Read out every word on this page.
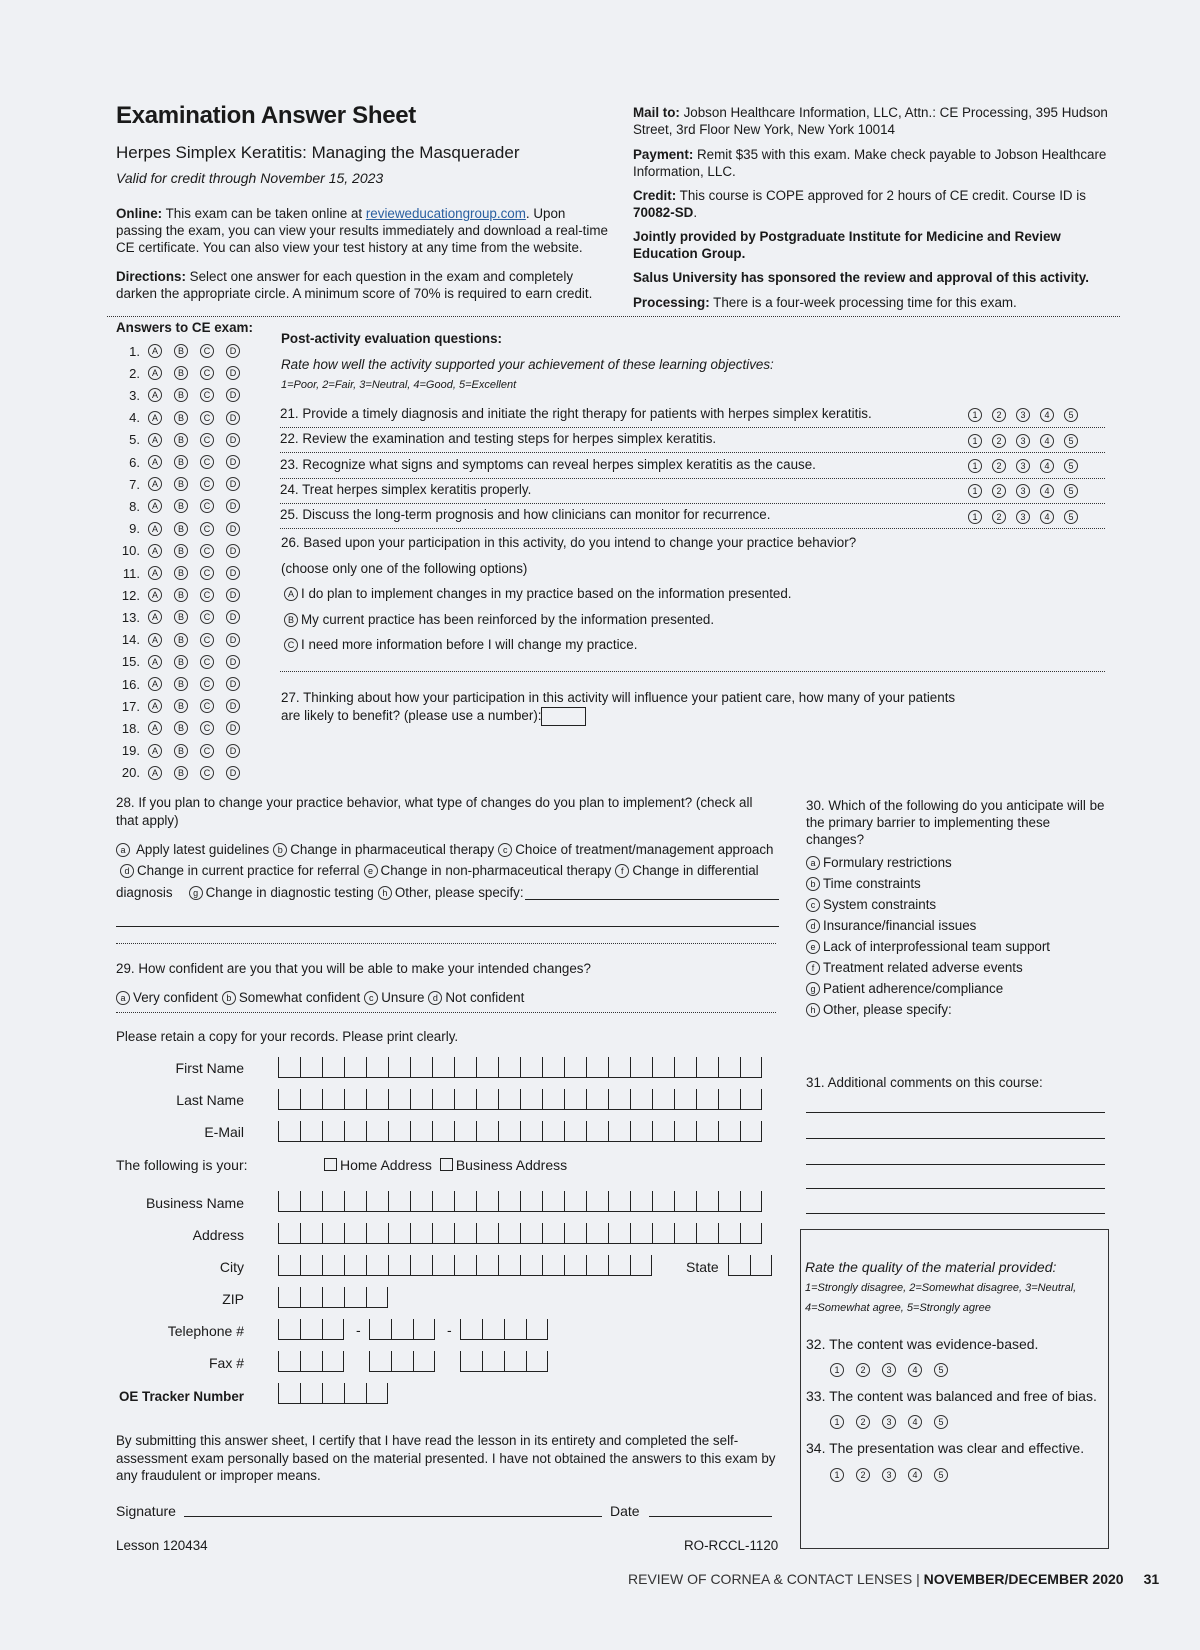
Examination Answer Sheet
Herpes Simplex Keratitis: Managing the Masquerader
Valid for credit through November 15, 2023
Online: This exam can be taken online at revieweducationgroup.com. Upon passing the exam, you can view your results immediately and download a real-time CE certificate. You can also view your test history at any time from the website.
Directions: Select one answer for each question in the exam and completely darken the appropriate circle. A minimum score of 70% is required to earn credit.
Mail to: Jobson Healthcare Information, LLC, Attn.: CE Processing, 395 Hudson Street, 3rd Floor New York, New York 10014
Payment: Remit $35 with this exam. Make check payable to Jobson Healthcare Information, LLC.
Credit: This course is COPE approved for 2 hours of CE credit. Course ID is 70082-SD.
Jointly provided by Postgraduate Institute for Medicine and Review Education Group.
Salus University has sponsored the review and approval of this activity.
Processing: There is a four-week processing time for this exam.
Answers to CE exam:
1.	A	B	C	D
2.	A	B	C	D
3.	A	B	C	D
4.	A	B	C	D
5.	A	B	C	D
6.	A	B	C	D
7.	A	B	C	D
8.	A	B	C	D
9.	A	B	C	D
10.	A	B	C	D
11.	A	B	C	D
12.	A	B	C	D
13.	A	B	C	D
14.	A	B	C	D
15.	A	B	C	D
16.	A	B	C	D
17.	A	B	C	D
18.	A	B	C	D
19.	A	B	C	D
20.	A	B	C	D
Post-activity evaluation questions:
Rate how well the activity supported your achievement of these learning objectives:
1=Poor, 2=Fair, 3=Neutral, 4=Good, 5=Excellent
21. Provide a timely diagnosis and initiate the right therapy for patients with herpes simplex keratitis.	1 2 3 4 5
22. Review the examination and testing steps for herpes simplex keratitis.	1 2 3 4 5
23. Recognize what signs and symptoms can reveal herpes simplex keratitis as the cause.	1 2 3 4 5
24. Treat herpes simplex keratitis properly.	1 2 3 4 5
25. Discuss the long-term prognosis and how clinicians can monitor for recurrence.	1 2 3 4 5
26. Based upon your participation in this activity, do you intend to change your practice behavior?
(choose only one of the following options)
A I do plan to implement changes in my practice based on the information presented.
B My current practice has been reinforced by the information presented.
C I need more information before I will change my practice.
27. Thinking about how your participation in this activity will influence your patient care, how many of your patients
are likely to benefit? (please use a number):
28. If you plan to change your practice behavior, what type of changes do you plan to implement? (check all that apply)
a Apply latest guidelines b Change in pharmaceutical therapy c Choice of treatment/management approach
d Change in current practice for referral e Change in non-pharmaceutical therapy f Change in differential
diagnosis g Change in diagnostic testing h Other, please specify:
29. How confident are you that you will be able to make your intended changes?
a Very confident b Somewhat confident c Unsure d Not confident
30. Which of the following do you anticipate will be the primary barrier to implementing these changes?
a Formulary restrictions
b Time constraints
c System constraints
d Insurance/financial issues
e Lack of interprofessional team support
f Treatment related adverse events
g Patient adherence/compliance
h Other, please specify:
31. Additional comments on this course:
Please retain a copy for your records. Please print clearly.
First Name
Last Name
E-Mail
The following is your:	Home Address Business Address
Business Name
Address
City	State
ZIP
Telephone #	-	-
Fax #
OE Tracker Number
By submitting this answer sheet, I certify that I have read the lesson in its entirety and completed the self-assessment exam personally based on the material presented. I have not obtained the answers to this exam by any fraudulent or improper means.
Signature	Date
Lesson 120434	RO-RCCL-1120
Rate the quality of the material provided:
1=Strongly disagree, 2=Somewhat disagree, 3=Neutral,
4=Somewhat agree, 5=Strongly agree
32. The content was evidence-based.
1 2 3 4 5
33. The content was balanced and free of bias.
1 2 3 4 5
34. The presentation was clear and effective.
1 2 3 4 5
REVIEW OF CORNEA & CONTACT LENSES | NOVEMBER/DECEMBER 2020 31
